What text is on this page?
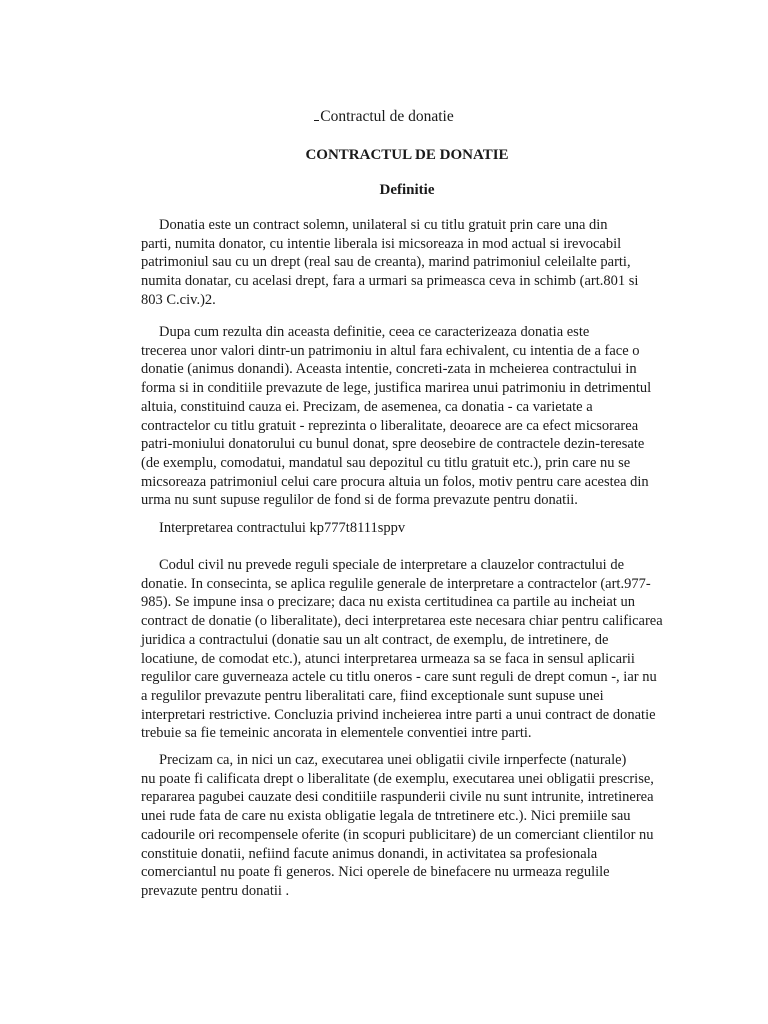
Contractul de donatie
CONTRACTUL DE DONATIE
Definitie

Donatia este un contract solemn, unilateral si cu titlu gratuit prin care una din
parti, numita donator, cu intentie liberala isi micsoreaza in mod actual si irevocabil
patrimoniul sau cu un drept (real sau de creanta), marind patrimoniul celeilalte parti,
numita donatar, cu acelasi drept, fara a urmari sa primeasca ceva in schimb (art.801 si
803 C.civ.)2.

Dupa cum rezulta din aceasta definitie, ceea ce caracterizeaza donatia este
trecerea unor valori dintr-un patrimoniu in altul fara echivalent, cu intentia de a face o
donatie (animus donandi). Aceasta intentie, concreti-zata in mcheierea contractului in
forma si in conditiile prevazute de lege, justifica marirea unui patrimoniu in detrimentul
altuia, constituind cauza ei. Precizam, de asemenea, ca donatia - ca varietate a
contractelor cu titlu gratuit - reprezinta o liberalitate, deoarece are ca efect micsorarea
patri-moniului donatorului cu bunul donat, spre deosebire de contractele dezin-teresate
(de exemplu, comodatui, mandatul sau depozitul cu titlu gratuit etc.), prin care nu se
micsoreaza patrimoniul celui care procura altuia un folos, motiv pentru care acestea din
urma nu sunt supuse regulilor de fond si de forma prevazute pentru donatii.

Interpretarea contractului kp777t8111sppv

Codul civil nu prevede reguli speciale de interpretare a clauzelor contractului de
donatie. In consecinta, se aplica regulile generale de interpretare a contractelor (art.977-
985). Se impune insa o precizare; daca nu exista certitudinea ca partile au incheiat un
contract de donatie (o liberalitate), deci interpretarea este necesara chiar pentru calificarea
juridica a contractului (donatie sau un alt contract, de exemplu, de intretinere, de
locatiune, de comodat etc.), atunci interpretarea urmeaza sa se faca in sensul aplicarii
regulilor care guverneaza actele cu titlu oneros - care sunt reguli de drept comun -, iar nu
a regulilor prevazute pentru liberalitati care, fiind exceptionale sunt supuse unei
interpretari restrictive. Concluzia privind incheierea intre parti a unui contract de donatie
trebuie sa fie temeinic ancorata in elementele conventiei intre parti.

Precizam ca, in nici un caz, executarea unei obligatii civile irnperfecte (naturale)
nu poate fi calificata drept o liberalitate (de exemplu, executarea unei obligatii prescrise,
repararea pagubei cauzate desi conditiile raspunderii civile nu sunt intrunite, intretinerea
unei rude fata de care nu exista obligatie legala de tntretinere etc.). Nici premiile sau
cadourile ori recompensele oferite (in scopuri publicitare) de un comerciant clientilor nu
constituie donatii, nefiind facute animus donandi, in activitatea sa profesionala
comerciantul nu poate fi generos. Nici operele de binefacere nu urmeaza regulile
prevazute pentru donatii .
